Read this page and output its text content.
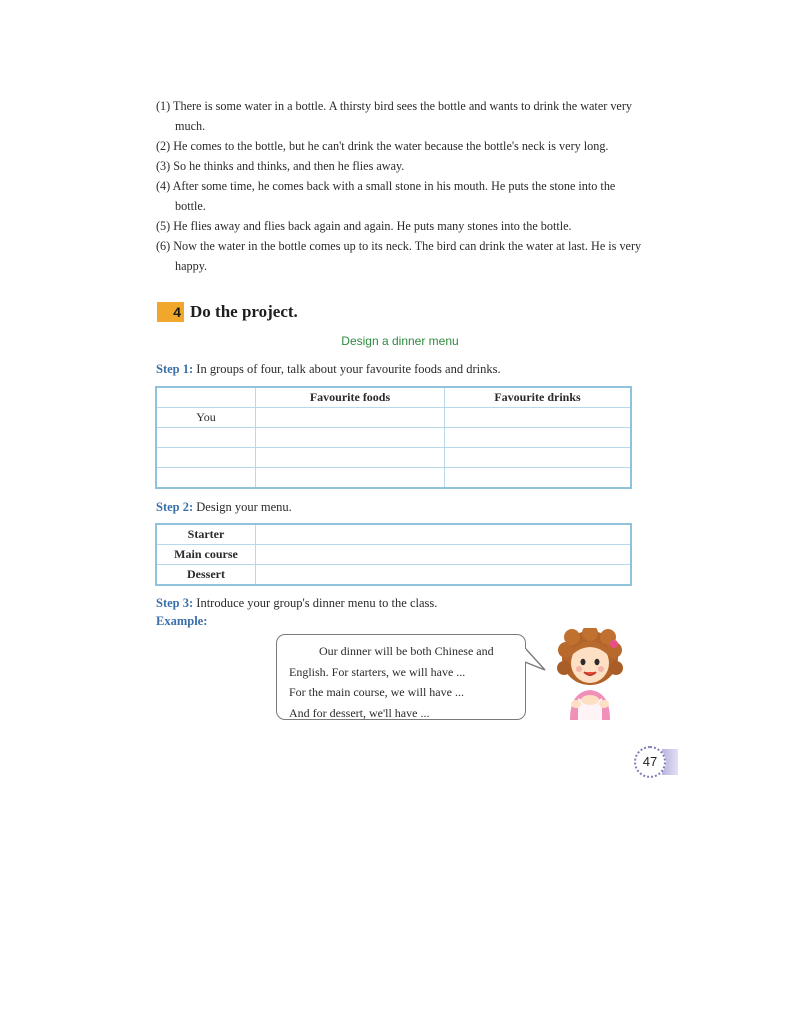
(1) There is some water in a bottle. A thirsty bird sees the bottle and wants to drink the water very much.

(2) He comes to the bottle, but he can't drink the water because the bottle's neck is very long.

(3) So he thinks and thinks, and then he flies away.

(4) After some time, he comes back with a small stone in his mouth. He puts the stone into the bottle.

(5) He flies away and flies back again and again. He puts many stones into the bottle.

(6) Now the water in the bottle comes up to its neck. The bird can drink the water at last. He is very happy.

4 Do the project.
Design a dinner menu
Step 1: In groups of four, talk about your favourite foods and drinks.
	Favourite foods	Favourite drinks
You		

Step 2: Design your menu.
Starter	
Main course	
Dessert	
Step 3: Introduce your group's dinner menu to the class.
Example:
Our dinner will be both Chinese and
English. For starters, we will have ...
For the main course, we will have ...
And for dessert, we'll have ...
47
